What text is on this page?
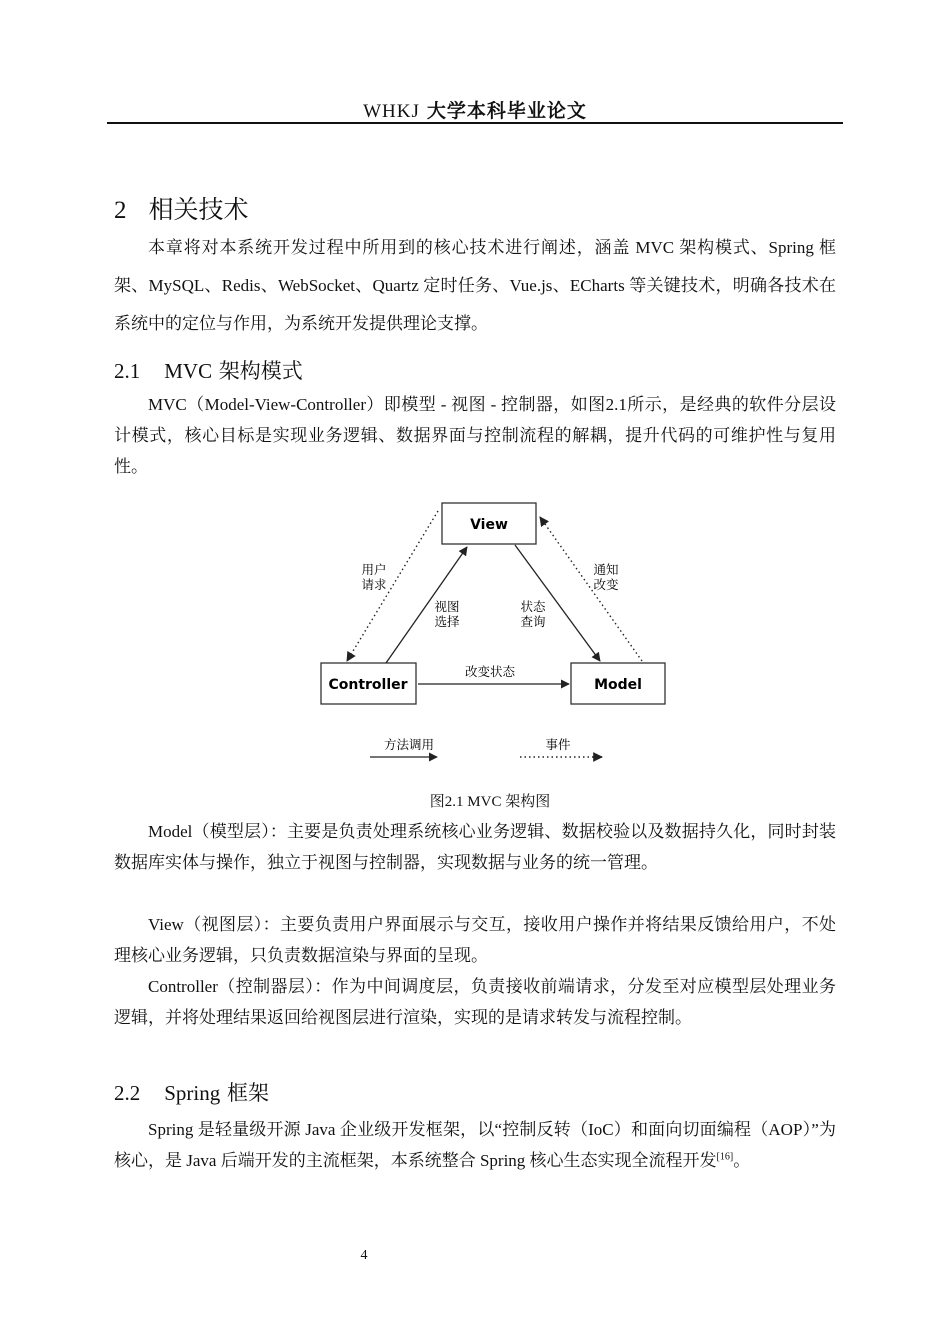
WHKJ 大学本科毕业论文
2 相关技术

本章将对本系统开发过程中所用到的核心技术进行阐述，涵盖 MVC 架构模式、Spring 框架、MySQL、Redis、WebSocket、Quartz 定时任务、Vue.js、ECharts 等关键技术，明确各技术在系统中的定位与作用，为系统开发提供理论支撑。

2.1 MVC 架构模式

MVC（Model-View-Controller）即模型 - 视图 - 控制器，如图2.1所示，是经典的软件分层设计模式，核心目标是实现业务逻辑、数据界面与控制流程的解耦，提升代码的可维护性与复用性。

View
Controller	Model
用户
请求
视图
选择
状态
查询
通知
改变
改变状态
方法调用	事件
图2.1 MVC 架构图

Model（模型层）：主要是负责处理系统核心业务逻辑、数据校验以及数据持久化，同时封装数据库实体与操作，独立于视图与控制器，实现数据与业务的统一管理。

View（视图层）：主要负责用户界面展示与交互，接收用户操作并将结果反馈给用户，不处理核心业务逻辑，只负责数据渲染与界面的呈现。

Controller（控制器层）：作为中间调度层，负责接收前端请求，分发至对应模型层处理业务逻辑，并将处理结果返回给视图层进行渲染，实现的是请求转发与流程控制。

2.2 Spring 框架

Spring 是轻量级开源 Java 企业级开发框架，以“控制反转（IoC）和面向切面编程（AOP）”为核心，是 Java 后端开发的主流框架，本系统整合 Spring 核心生态实现全流程开发[16]。

4
